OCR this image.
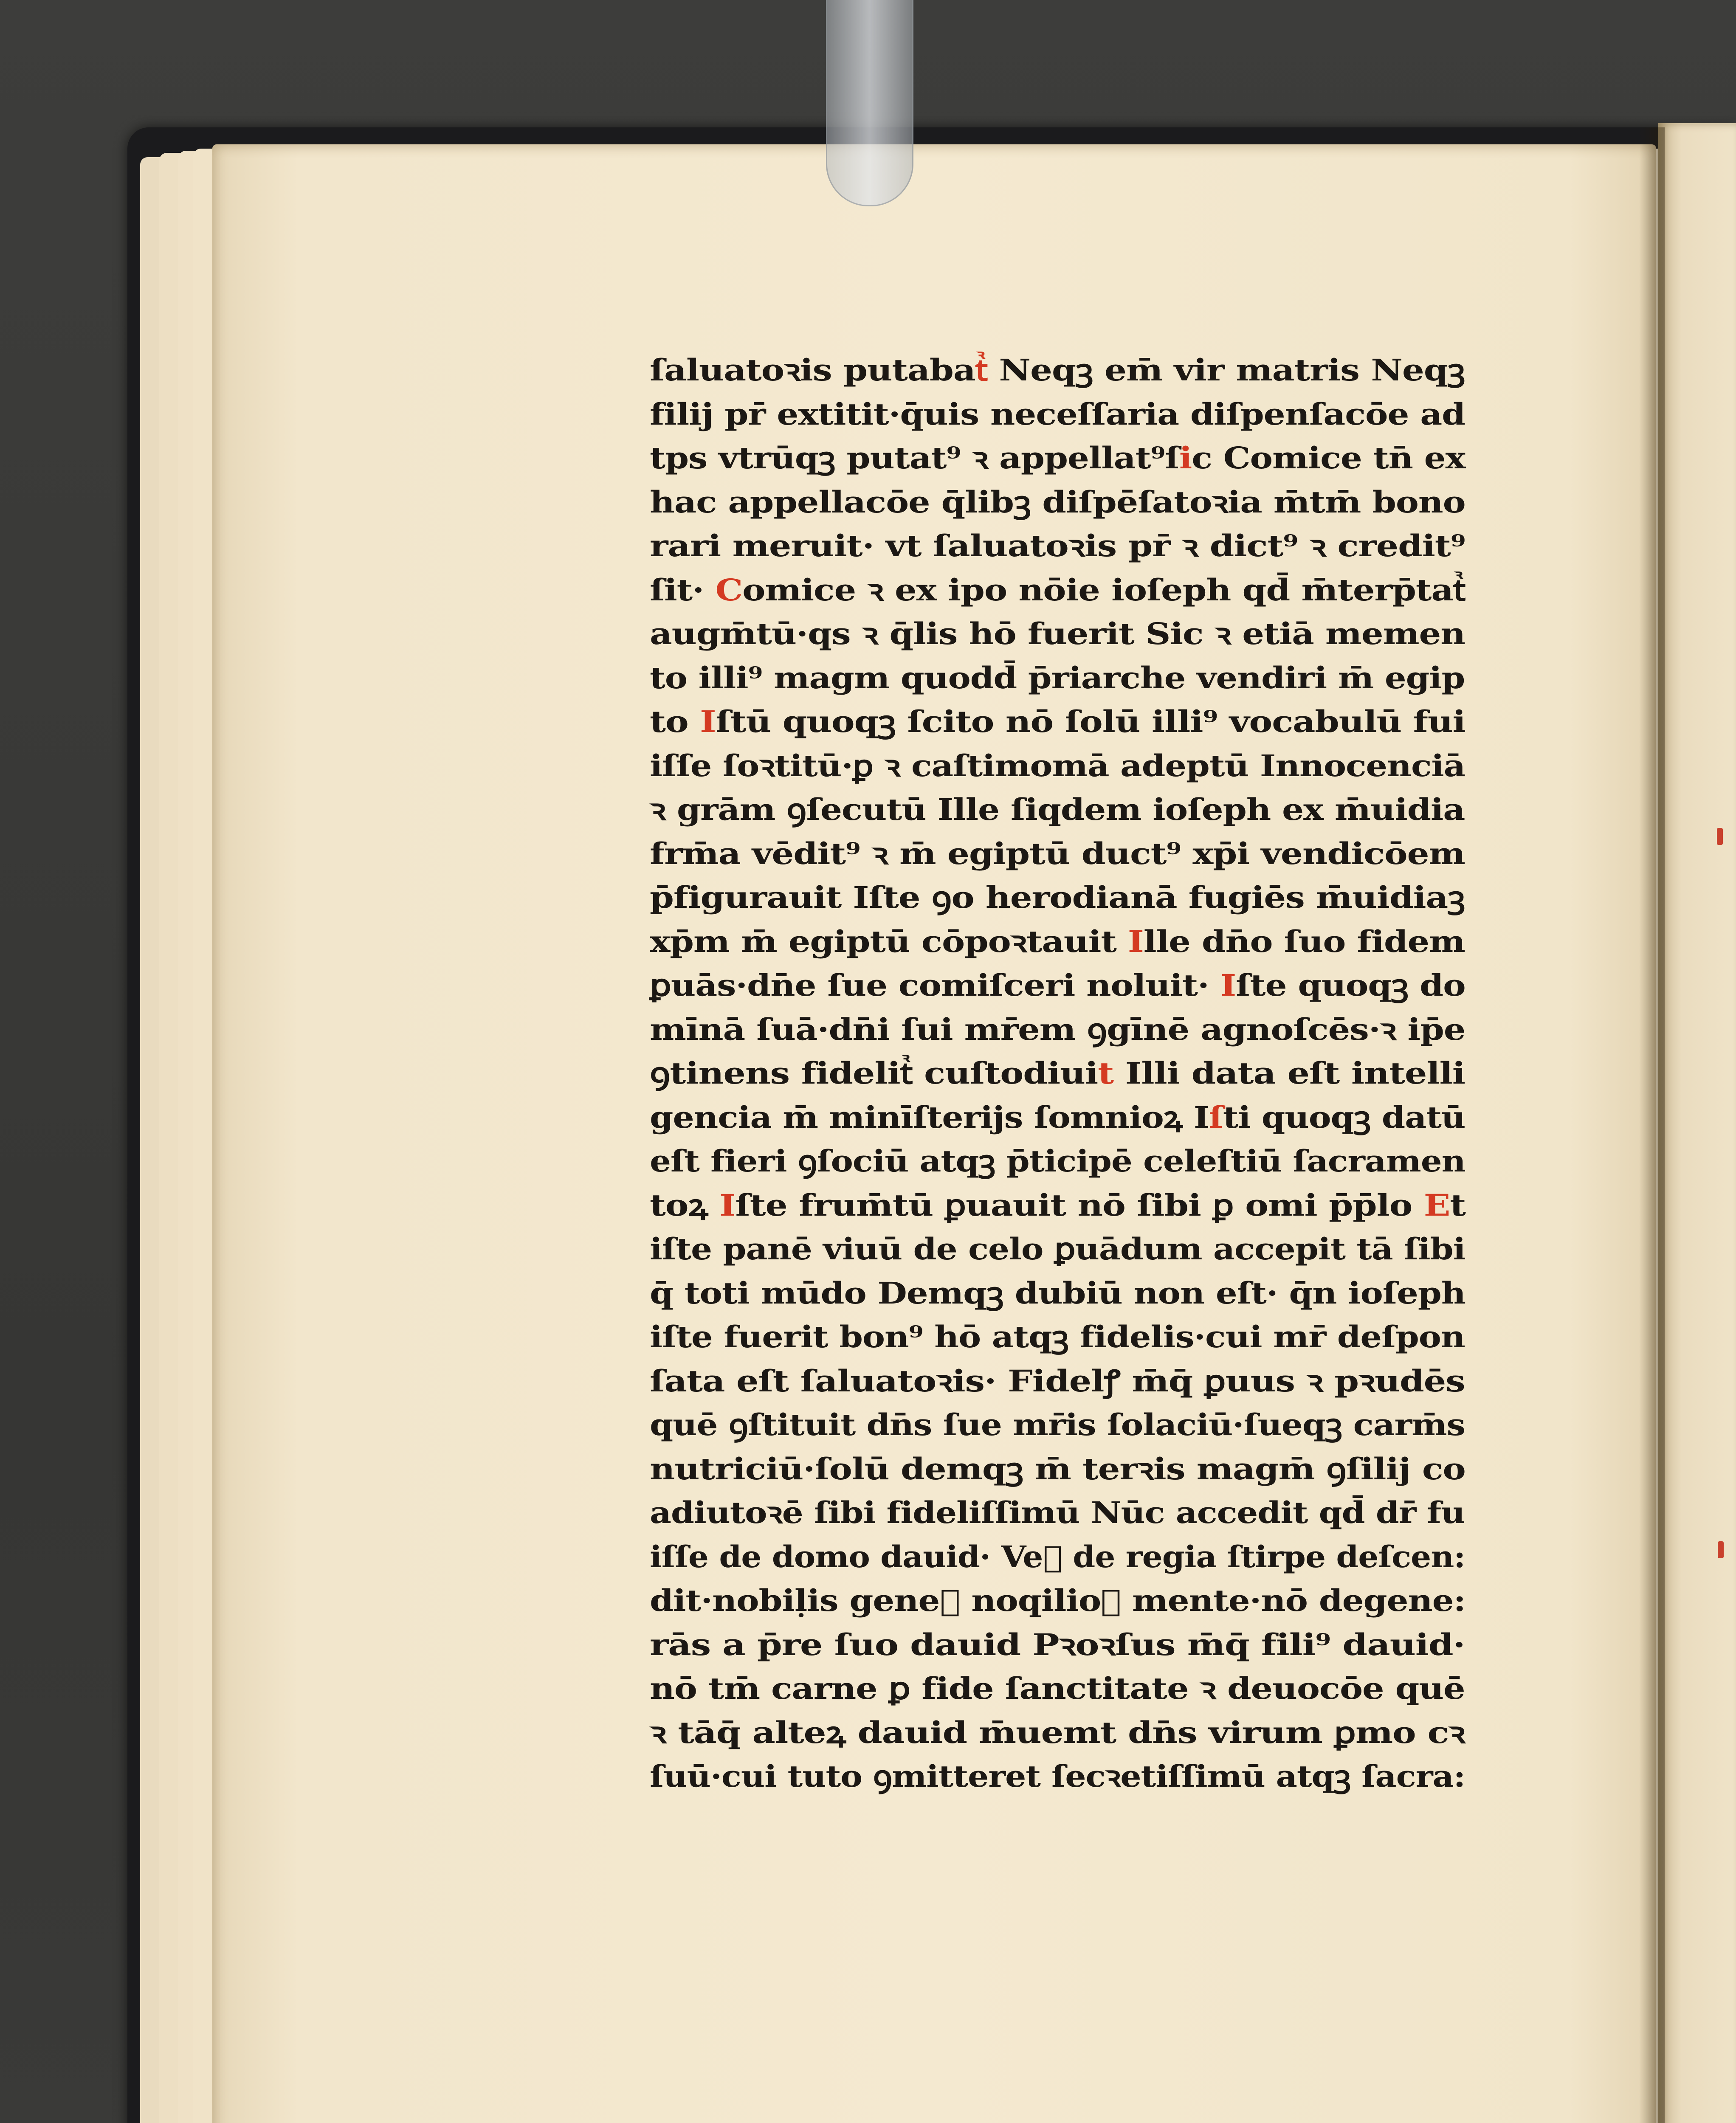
ſaluatoꝛis putabat Neqꝫ em vir matris Neqꝫ
filij pr extitit·quis neceſſaria diſpenſacōe ad
tps vtrūqꝫ putat⁹ ꝛ appellat⁹ſic Comice tn ex
hac appellacōe qlibꝫ diſpēſatoꝛia mtm bono
rari meruit· vt ſaluatoꝛis pr ꝛ dict⁹ ꝛ credit⁹
ſit· Comice ꝛ ex ipo nōie ioſeph qd mterptat
augmtū·qs ꝛ qlis hō fuerit Sic ꝛ etiā memen
to illi⁹ magm quodd priarche vendiri m egip
to Iſtū quoqꝫ ſcito nō ſolū illi⁹ vocabulū fui
iſſe ſoꝛtitū·ꝑ ꝛ caſtimomā adeptū Innocenciā
ꝛ grām ꝯſecutū Ille ſiqdem ioſeph ex muidia
frma vēdit⁹ ꝛ m egiptū duct⁹ xpi vendicōem
pfigurauit Iſte ꝯo herodianā fugiēs muidiaꝫ
xpm m egiptū cōpoꝛtauit Ille dno ſuo fidem
ꝑuās·dne ſue comiſceri noluit· Iſte quoqꝫ do
mīnā ſuā·dni ſui mrem ꝯgīnē agnoſcēs·ꝛ ipe
ꝯtinens fidelit cuſtodiuit Illi data eſt intelli
gencia m minīſterijs ſomnioꝝ Iſti quoqꝫ datū
eſt fieri ꝯſociū atqꝫ pticipē celeſtiū ſacramen
toꝝ Iſte frumtū ꝑuauit nō ſibi ꝑ omi pplo Et
iſte panē viuū de celo ꝑuādum accepit tā ſibi
q toti mūdo Demqꝫ dubiū non eſt· qn ioſeph
iſte fuerit bon⁹ hō atqꝫ fidelis·cui mr deſpon
ſata eſt ſaluatoꝛis· Fidelꝭ mq ꝑuus ꝛ pꝛudēs
quē ꝯſtituit dns ſue mris ſolaciū·ſueqꝫ carms
nutriciū·ſolū demqꝫ m terꝛis magm ꝯſilij co
adiutoꝛē ſibi fideliſſimū Nūc accedit qd dr fu
iſſe de domo dauid· Ve de regia ſtirpe deſcen:
dit·nobiḷis gene noqilioꝛ mente·nō degene:
rās a pre ſuo dauid Pꝛoꝛſus mq fili⁹ dauid·
nō tm carne ꝑ fide ſanctitate ꝛ deuocōe quē
ꝛ tāq alteꝝ dauid muemt dns virum ꝑmo cꝛ
ſuū·cui tuto ꝯmitteret ſecꝛetiſſimū atqꝫ ſacra:
